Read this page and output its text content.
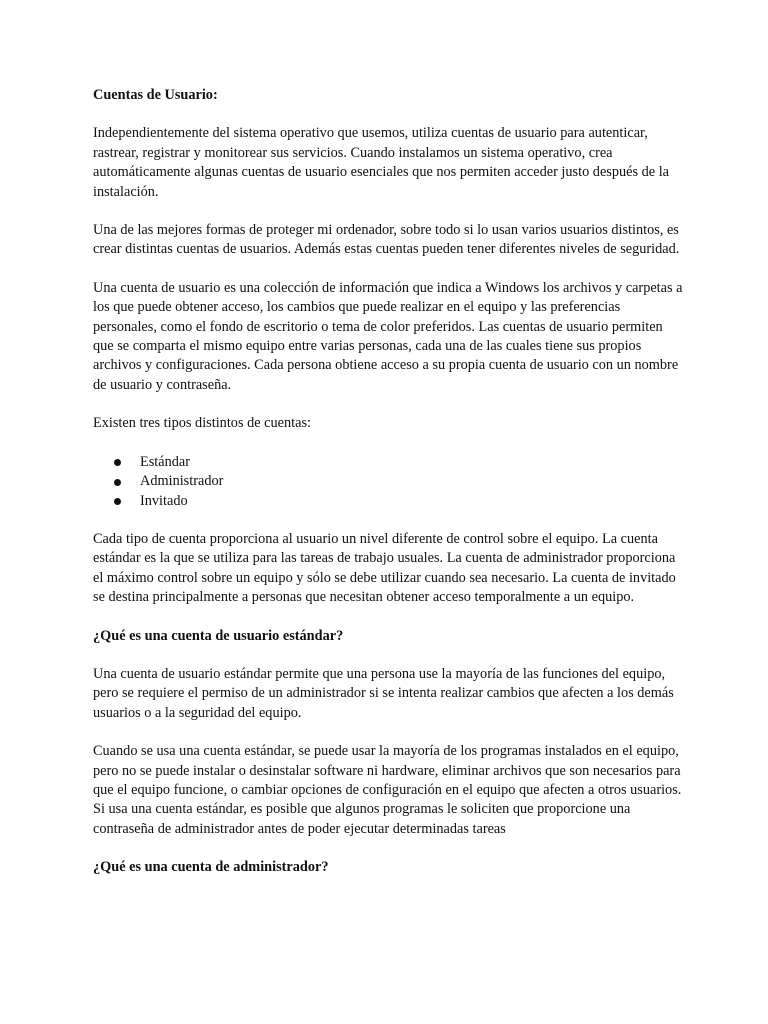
Cuentas de Usuario:

Independientemente del sistema operativo que usemos, utiliza cuentas de usuario para autenticar, rastrear, registrar y monitorear sus servicios. Cuando instalamos un sistema operativo, crea automáticamente algunas cuentas de usuario esenciales que nos permiten acceder justo después de la instalación.

Una de las mejores formas de proteger mi ordenador, sobre todo si lo usan varios usuarios distintos, es crear distintas cuentas de usuarios. Además estas cuentas pueden tener diferentes niveles de seguridad.

Una cuenta de usuario es una colección de información que indica a Windows los archivos y carpetas a los que puede obtener acceso, los cambios que puede realizar en el equipo y las preferencias personales, como el fondo de escritorio o tema de color preferidos. Las cuentas de usuario permiten que se comparta el mismo equipo entre varias personas, cada una de las cuales tiene sus propios archivos y configuraciones. Cada persona obtiene acceso a su propia cuenta de usuario con un nombre de usuario y contraseña.

Existen tres tipos distintos de cuentas:

Estándar
Administrador
Invitado

Cada tipo de cuenta proporciona al usuario un nivel diferente de control sobre el equipo. La cuenta estándar es la que se utiliza para las tareas de trabajo usuales. La cuenta de administrador proporciona el máximo control sobre un equipo y sólo se debe utilizar cuando sea necesario. La cuenta de invitado se destina principalmente a personas que necesitan obtener acceso temporalmente a un equipo.

¿Qué es una cuenta de usuario estándar?

Una cuenta de usuario estándar permite que una persona use la mayoría de las funciones del equipo, pero se requiere el permiso de un administrador si se intenta realizar cambios que afecten a los demás usuarios o a la seguridad del equipo.

Cuando se usa una cuenta estándar, se puede usar la mayoría de los programas instalados en el equipo, pero no se puede instalar o desinstalar software ni hardware, eliminar archivos que son necesarios para que el equipo funcione, o cambiar opciones de configuración en el equipo que afecten a otros usuarios. Si usa una cuenta estándar, es posible que algunos programas le soliciten que proporcione una contraseña de administrador antes de poder ejecutar determinadas tareas

¿Qué es una cuenta de administrador?
